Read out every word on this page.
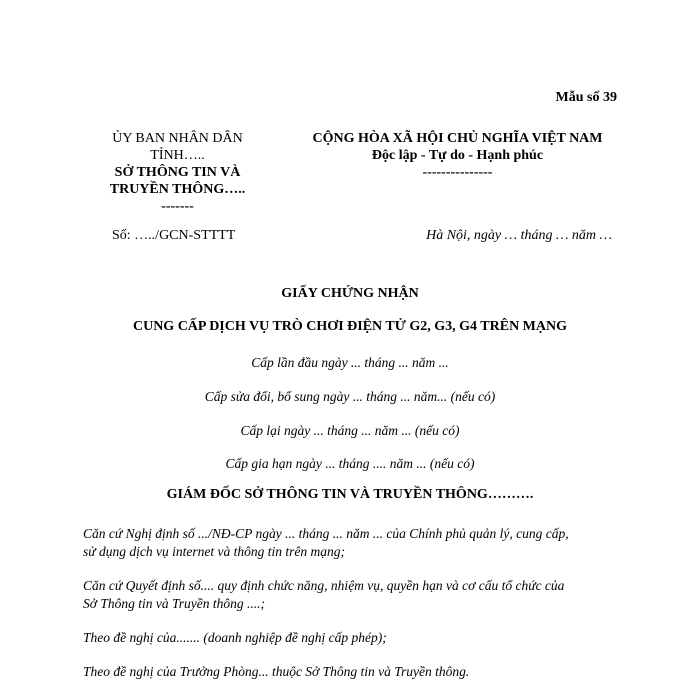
Mẫu số 39
ỦY BAN NHÂN DÂN
TỈNH…..
SỞ THÔNG TIN VÀ
TRUYỀN THÔNG…..
-------
CỘNG HÒA XÃ HỘI CHỦ NGHĨA VIỆT NAM
Độc lập - Tự do - Hạnh phúc
---------------
Số: …../GCN-STTTT	Hà Nội, ngày … tháng … năm …
GIẤY CHỨNG NHẬN
CUNG CẤP DỊCH VỤ TRÒ CHƠI ĐIỆN TỬ G2, G3, G4 TRÊN MẠNG
Cấp lần đầu ngày ... tháng ... năm ...
Cấp sửa đổi, bổ sung ngày ... tháng ... năm... (nếu có)
Cấp lại ngày ... tháng ... năm ... (nếu có)
Cấp gia hạn ngày ... tháng .... năm ... (nếu có)
GIÁM ĐỐC SỞ THÔNG TIN VÀ TRUYỀN THÔNG……….
Căn cứ Nghị định số .../NĐ-CP ngày ... tháng ... năm ... của Chính phủ quản lý, cung cấp,
sử dụng dịch vụ internet và thông tin trên mạng;
Căn cứ Quyết định số.... quy định chức năng, nhiệm vụ, quyền hạn và cơ cấu tổ chức của
Sở Thông tin và Truyền thông ....;
Theo đề nghị của....... (doanh nghiệp đề nghị cấp phép);
Theo đề nghị của Trưởng Phòng... thuộc Sở Thông tin và Truyền thông.
